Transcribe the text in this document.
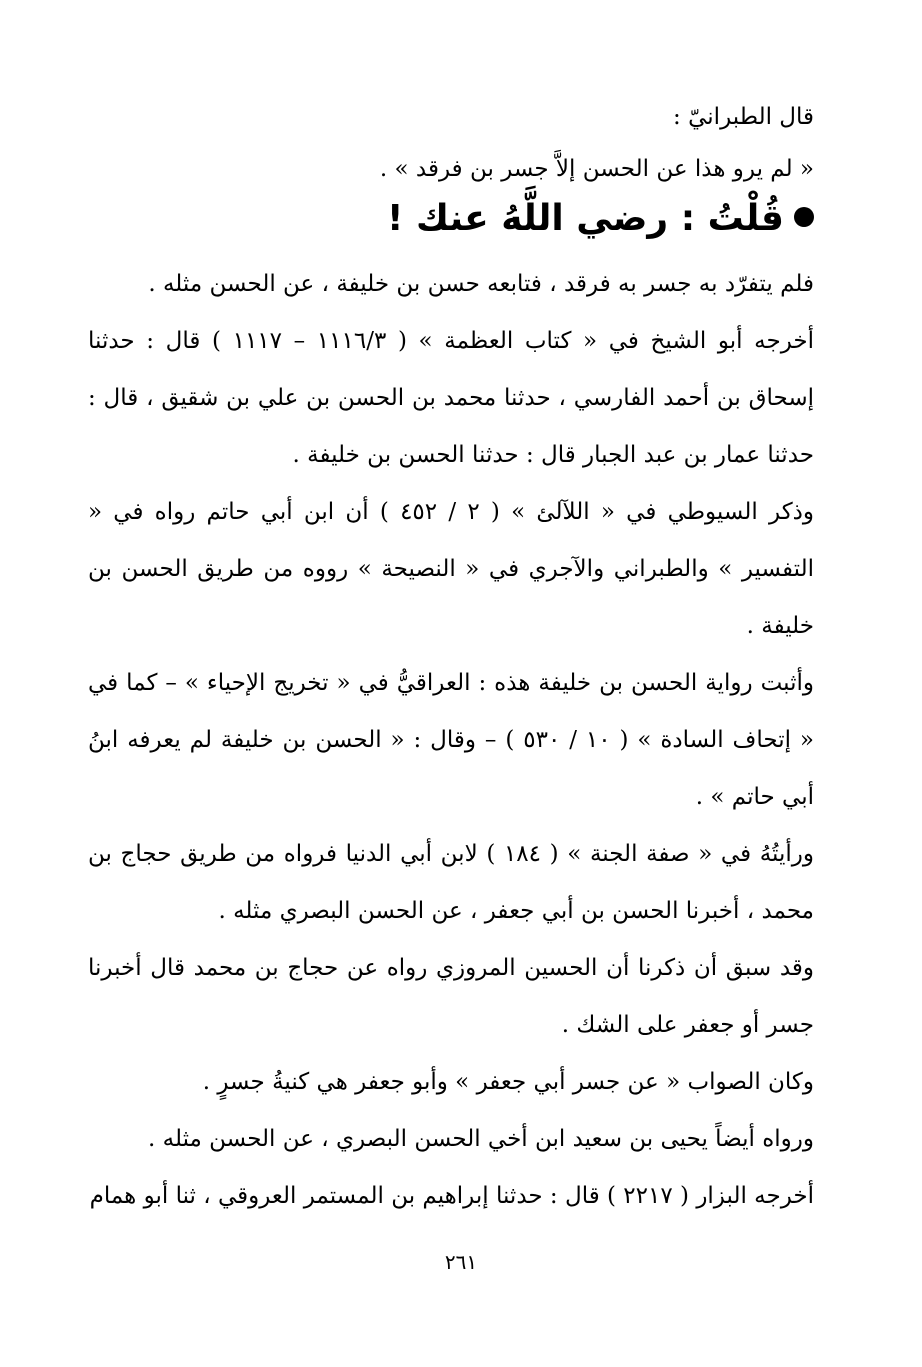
قال الطبرانيّ :
« لم يرو هذا عن الحسن إلاَّ جسر بن فرقد » .
قُلْتُ : رضي اللَّهُ عنك !

فلم يتفرّد به جسر به فرقد ، فتابعه حسن بن خليفة ، عن الحسن مثله .

أخرجه أبو الشيخ في « كتاب العظمة » ( ١١١٦/٣ – ١١١٧ ) قال : حدثنا إسحاق بن أحمد الفارسي ، حدثنا محمد بن الحسن بن علي بن شقيق ، قال : حدثنا عمار بن عبد الجبار قال : حدثنا الحسن بن خليفة .

وذكر السيوطي في « اللآلئ » ( ٢ / ٤٥٢ ) أن ابن أبي حاتم رواه في « التفسير » والطبراني والآجري في « النصيحة » رووه من طريق الحسن بن خليفة .

وأثبت رواية الحسن بن خليفة هذه : العراقيُّ في « تخريج الإحياء » – كما في « إتحاف السادة » ( ١٠ / ٥٣٠ ) – وقال : « الحسن بن خليفة لم يعرفه ابنُ أبي حاتم » .

ورأيتُهُ في « صفة الجنة » ( ١٨٤ ) لابن أبي الدنيا فرواه من طريق حجاج بن محمد ، أخبرنا الحسن بن أبي جعفر ، عن الحسن البصري مثله .

وقد سبق أن ذكرنا أن الحسين المروزي رواه عن حجاج بن محمد قال أخبرنا جسر أو جعفر على الشك .

وكان الصواب « عن جسر أبي جعفر » وأبو جعفر هي كنيةُ جسرٍ .

ورواه أيضاً يحيى بن سعيد ابن أخي الحسن البصري ، عن الحسن مثله .

أخرجه البزار ( ٢٢١٧ ) قال : حدثنا إبراهيم بن المستمر العروقي ، ثنا أبو همام

٢٦١
